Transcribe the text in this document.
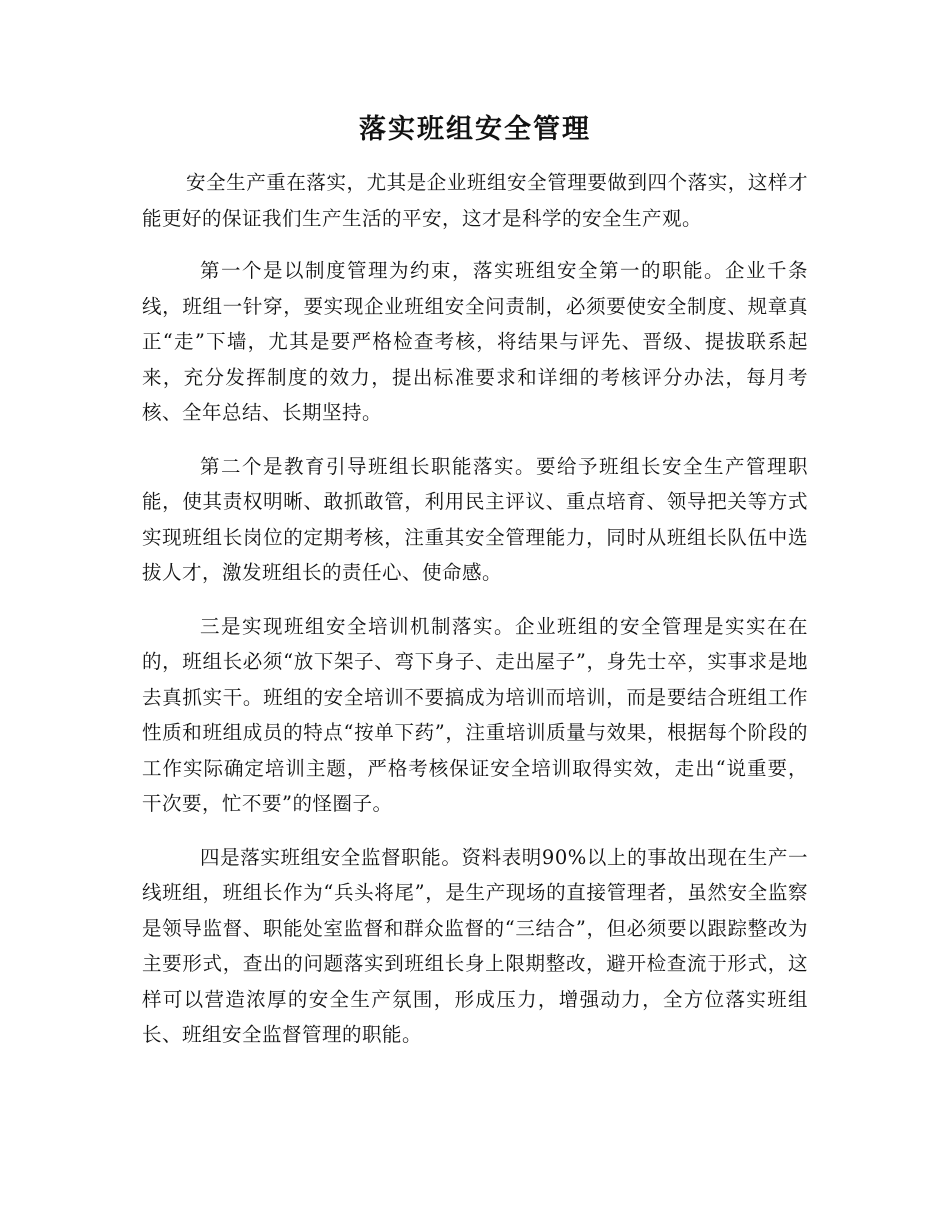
落实班组安全管理

安全生产重在落实，尤其是企业班组安全管理要做到四个落实，这样才能更好的保证我们生产生活的平安，这才是科学的安全生产观。

第一个是以制度管理为约束，落实班组安全第一的职能。企业千条线，班组一针穿，要实现企业班组安全问责制，必须要使安全制度、规章真正“走”下墙，尤其是要严格检查考核，将结果与评先、晋级、提拔联系起来，充分发挥制度的效力，提出标准要求和详细的考核评分办法，每月考核、全年总结、长期坚持。

第二个是教育引导班组长职能落实。要给予班组长安全生产管理职能，使其责权明晰、敢抓敢管，利用民主评议、重点培育、领导把关等方式实现班组长岗位的定期考核，注重其安全管理能力，同时从班组长队伍中选拔人才，激发班组长的责任心、使命感。

三是实现班组安全培训机制落实。企业班组的安全管理是实实在在的，班组长必须“放下架子、弯下身子、走出屋子”，身先士卒，实事求是地去真抓实干。班组的安全培训不要搞成为培训而培训，而是要结合班组工作性质和班组成员的特点“按单下药”，注重培训质量与效果，根据每个阶段的工作实际确定培训主题，严格考核保证安全培训取得实效，走出“说重要，干次要，忙不要”的怪圈子。

四是落实班组安全监督职能。资料表明90%以上的事故出现在生产一线班组，班组长作为“兵头将尾”，是生产现场的直接管理者，虽然安全监察是领导监督、职能处室监督和群众监督的“三结合”，但必须要以跟踪整改为主要形式，查出的问题落实到班组长身上限期整改，避开检查流于形式，这样可以营造浓厚的安全生产氛围，形成压力，增强动力，全方位落实班组长、班组安全监督管理的职能。
